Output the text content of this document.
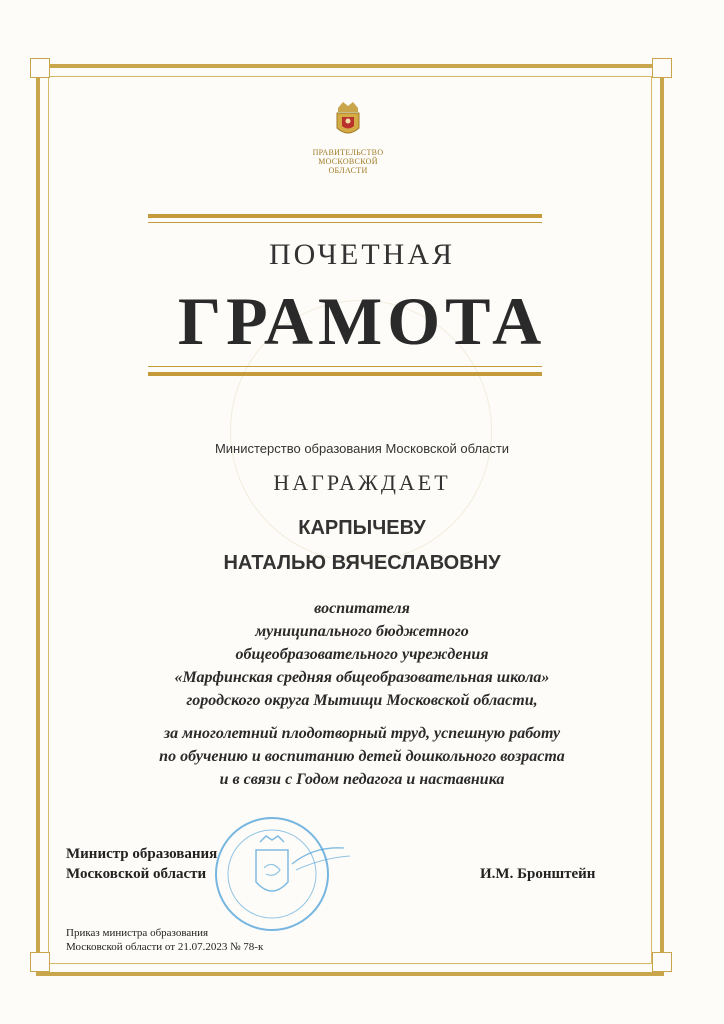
ПРАВИТЕЛЬСТВО
МОСКОВСКОЙ
ОБЛАСТИ
ПОЧЕТНАЯ
ГРАМОТА
Министерство образования Московской области
НАГРАЖДАЕТ
КАРПЫЧЕВУ
НАТАЛЬЮ ВЯЧЕСЛАВОВНУ
воспитателя
муниципального бюджетного
общеобразовательного учреждения
«Марфинская средняя общеобразовательная школа»
городского округа Мытищи Московской области,
за многолетний плодотворный труд, успешную работу
по обучению и воспитанию детей дошкольного возраста
и в связи с Годом педагога и наставника
Министр образования
Московской области	И.М. Бронштейн
Приказ министра образования
Московской области от 21.07.2023 № 78-к
